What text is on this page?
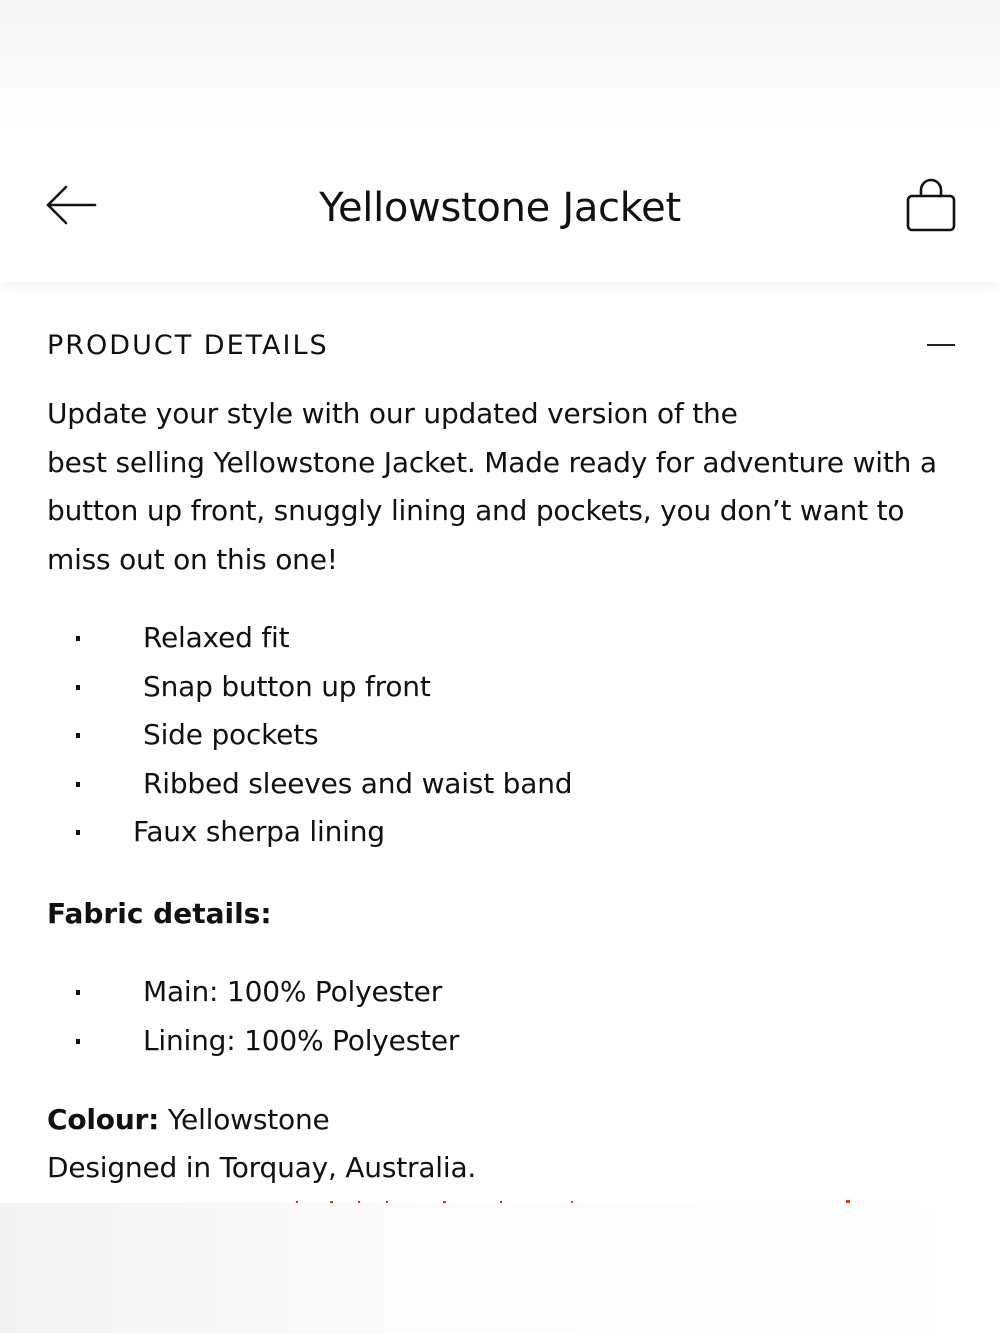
Yellowstone Jacket
PRODUCT DETAILS

Update your style with our updated version of the
best selling Yellowstone Jacket. Made ready for adventure with a
button up front, snuggly lining and pockets, you don’t want to
miss out on this one!

Relaxed fit
Snap button up front
Side pockets
Ribbed sleeves and waist band
Faux sherpa lining
Fabric details:
Main: 100% Polyester
Lining: 100% Polyester
Colour: Yellowstone
Designed in Torquay, Australia.
